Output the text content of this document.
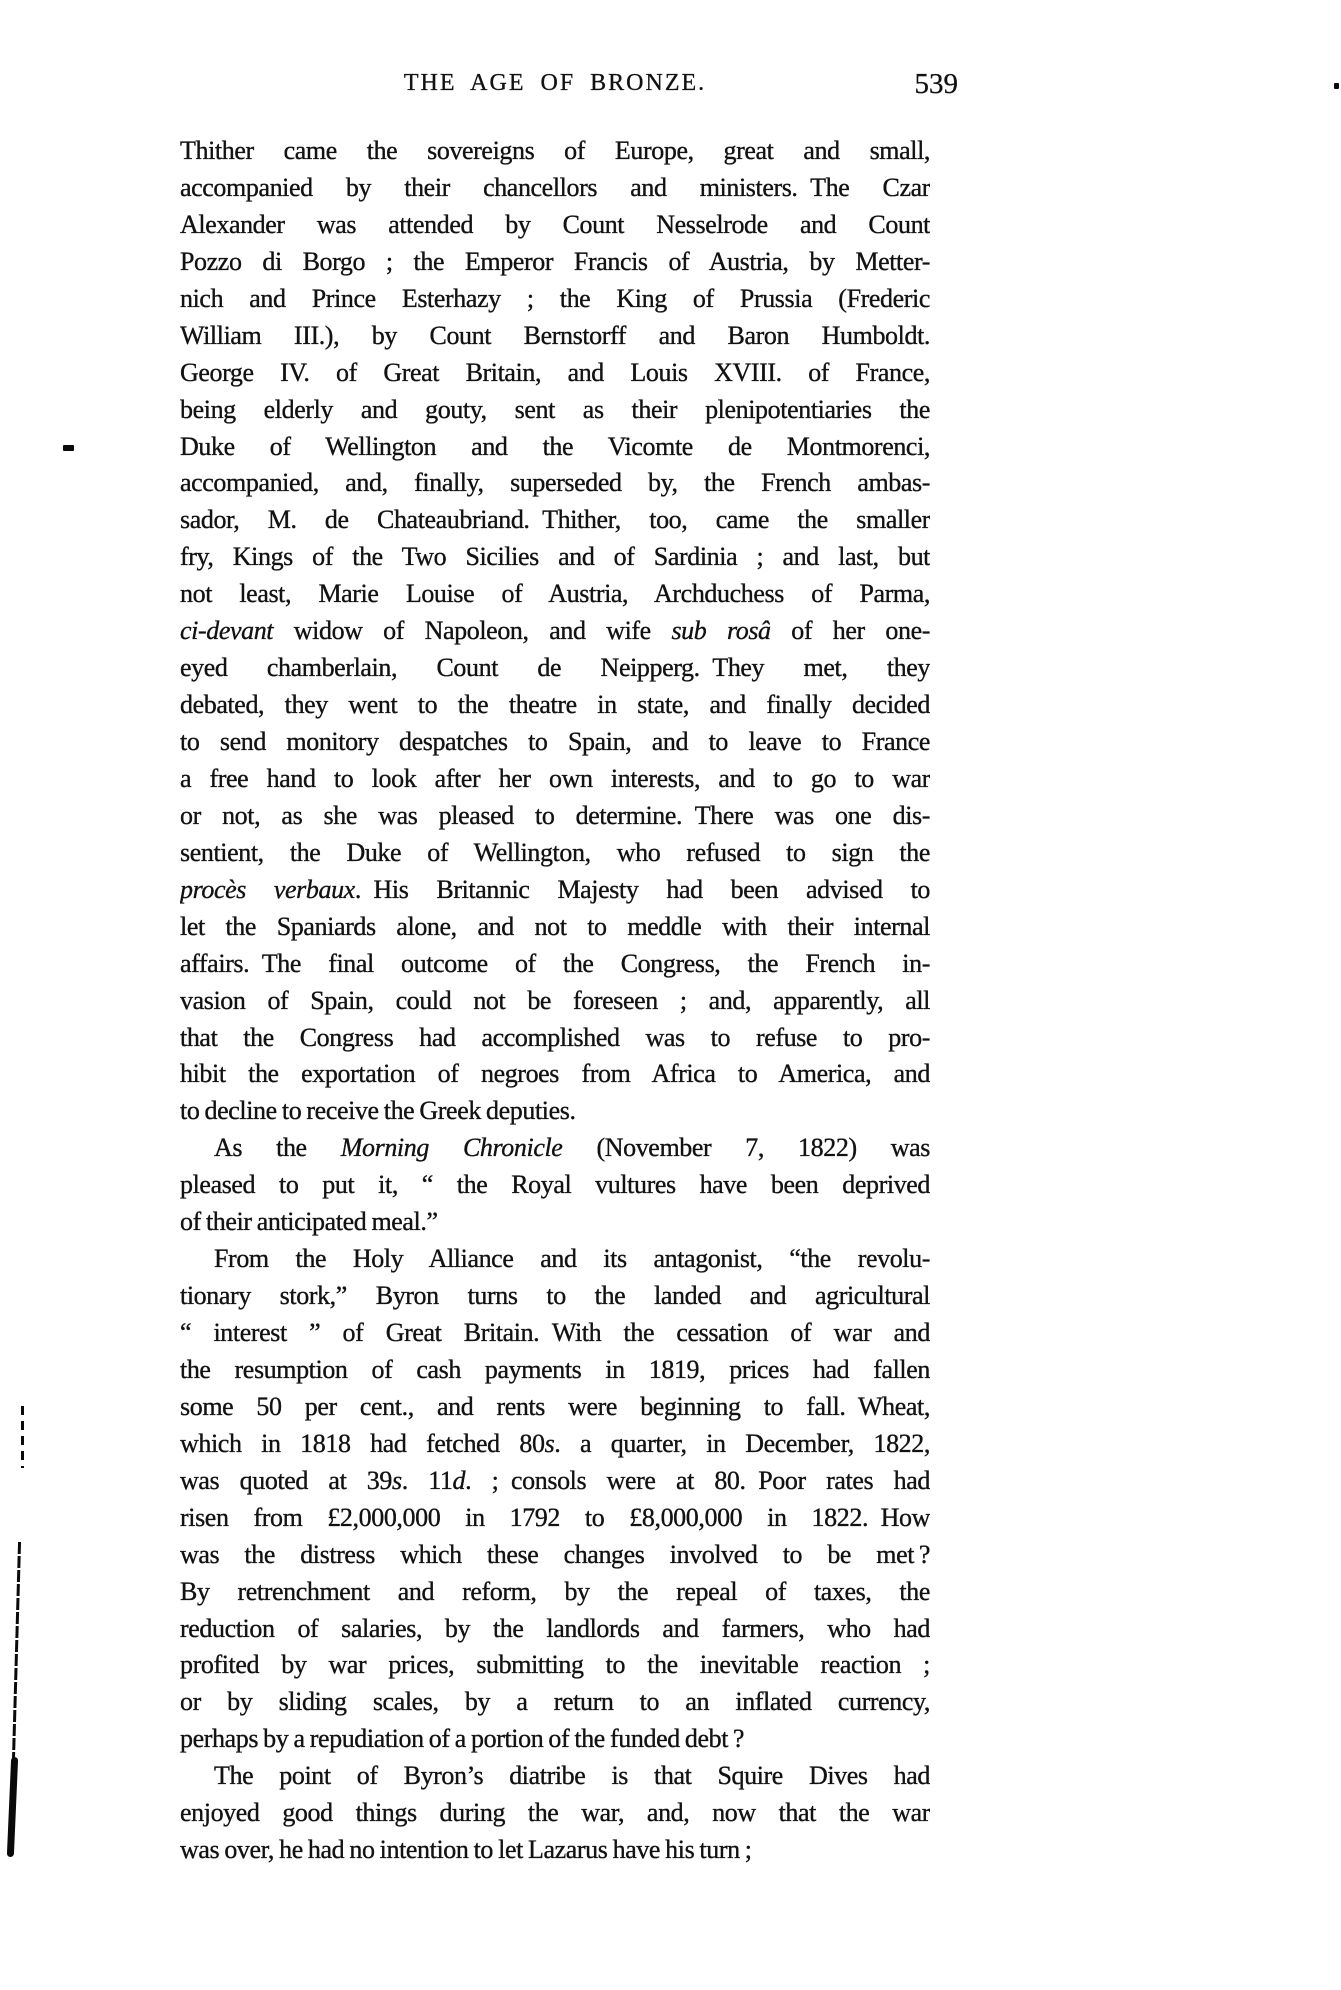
THE AGE OF BRONZE.	539
Thither came the sovereigns of Europe, great and small,
accompanied by their chancellors and ministers. The Czar
Alexander was attended by Count Nesselrode and Count
Pozzo di Borgo ; the Emperor Francis of Austria, by Metter-
nich and Prince Esterhazy ; the King of Prussia (Frederic
William III.), by Count Bernstorff and Baron Humboldt.
George IV. of Great Britain, and Louis XVIII. of France,
being elderly and gouty, sent as their plenipotentiaries the
Duke of Wellington and the Vicomte de Montmorenci,
accompanied, and, finally, superseded by, the French ambas-
sador, M. de Chateaubriand. Thither, too, came the smaller
fry, Kings of the Two Sicilies and of Sardinia ; and last, but
not least, Marie Louise of Austria, Archduchess of Parma,
ci-devant widow of Napoleon, and wife sub rosâ of her one-
eyed chamberlain, Count de Neipperg. They met, they
debated, they went to the theatre in state, and finally decided
to send monitory despatches to Spain, and to leave to France
a free hand to look after her own interests, and to go to war
or not, as she was pleased to determine. There was one dis-
sentient, the Duke of Wellington, who refused to sign the
procès verbaux. His Britannic Majesty had been advised to
let the Spaniards alone, and not to meddle with their internal
affairs. The final outcome of the Congress, the French in-
vasion of Spain, could not be foreseen ; and, apparently, all
that the Congress had accomplished was to refuse to pro-
hibit the exportation of negroes from Africa to America, and
to decline to receive the Greek deputies.
As the Morning Chronicle (November 7, 1822) was
pleased to put it, “ the Royal vultures have been deprived
of their anticipated meal.”
From the Holy Alliance and its antagonist, “the revolu-
tionary stork,” Byron turns to the landed and agricultural
“ interest ” of Great Britain. With the cessation of war and
the resumption of cash payments in 1819, prices had fallen
some 50 per cent., and rents were beginning to fall. Wheat,
which in 1818 had fetched 80s. a quarter, in December, 1822,
was quoted at 39s. 11d. ; consols were at 80. Poor rates had
risen from £2,000,000 in 1792 to £8,000,000 in 1822. How
was the distress which these changes involved to be met ?
By retrenchment and reform, by the repeal of taxes, the
reduction of salaries, by the landlords and farmers, who had
profited by war prices, submitting to the inevitable reaction ;
or by sliding scales, by a return to an inflated currency,
perhaps by a repudiation of a portion of the funded debt ?
The point of Byron’s diatribe is that Squire Dives had
enjoyed good things during the war, and, now that the war
was over, he had no intention to let Lazarus have his turn ;
